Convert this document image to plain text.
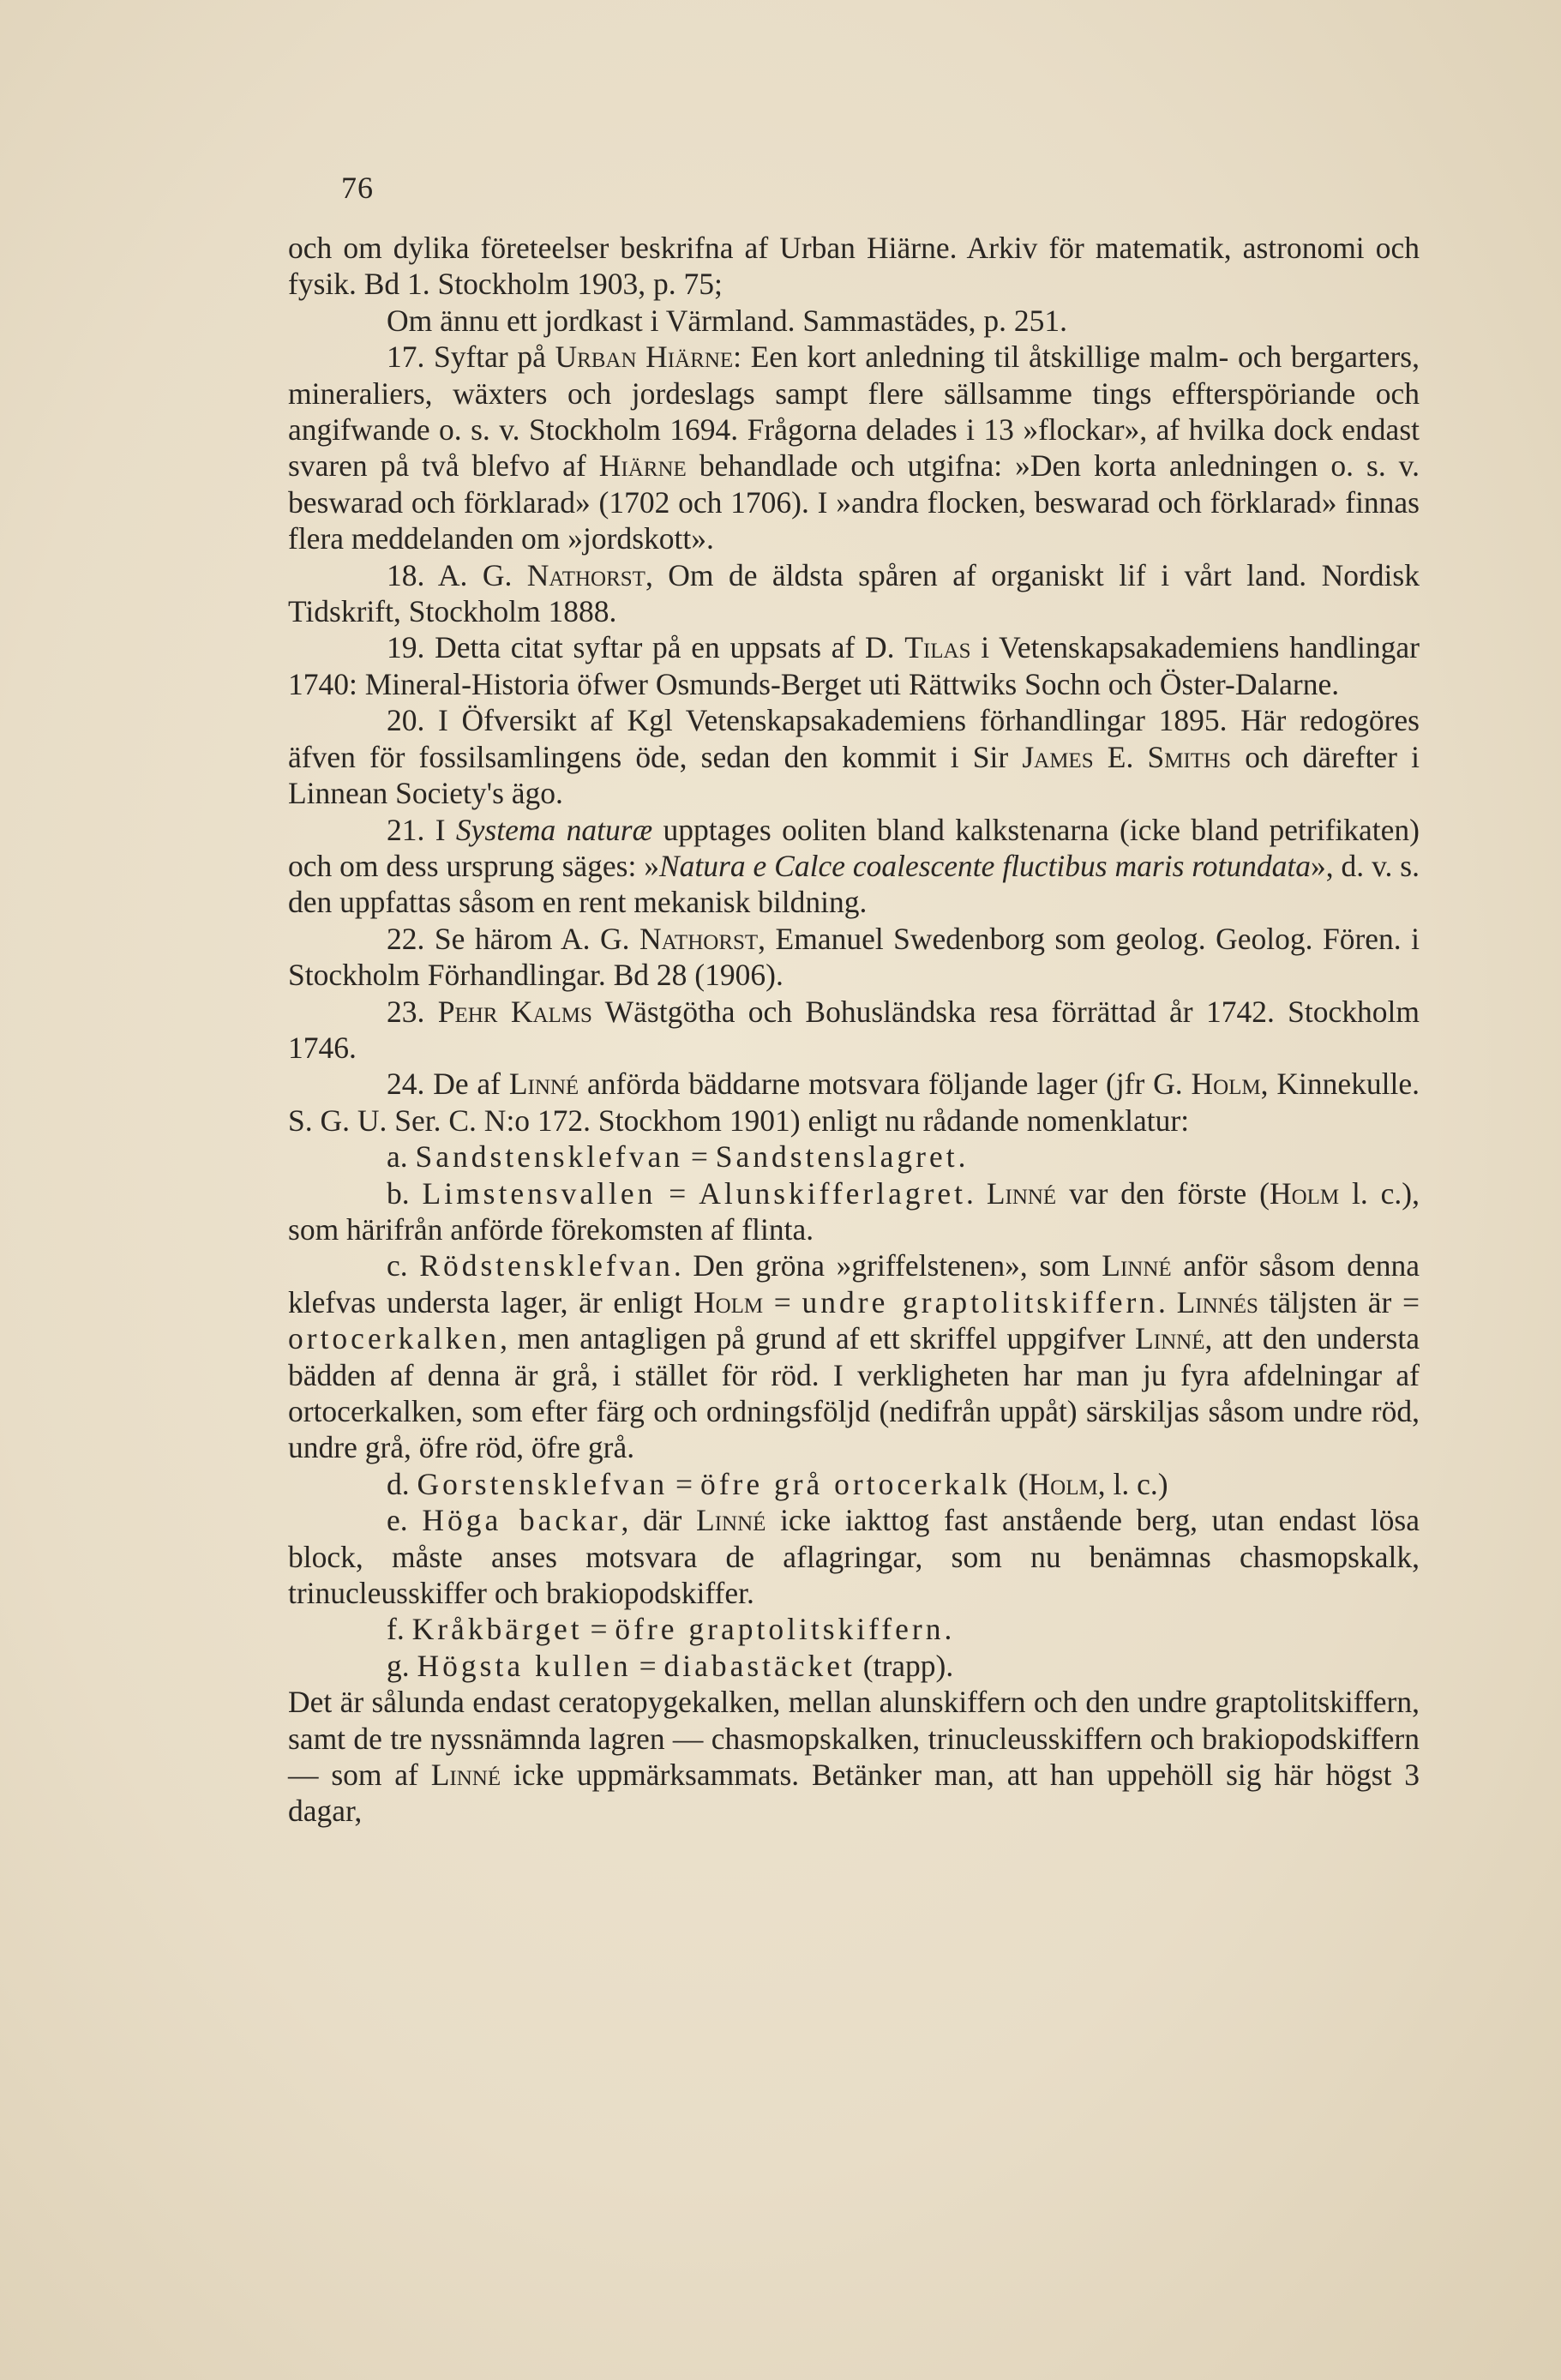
76

och om dylika företeelser beskrifna af Urban Hiärne. Arkiv för matematik, astronomi och fysik. Bd 1. Stockholm 1903, p. 75;

Om ännu ett jordkast i Värmland. Sammastädes, p. 251.

17. Syftar på Urban Hiärne: Een kort anledning til åtskillige malm- och bergarters, mineraliers, wäxters och jordeslags sampt flere sällsamme tings effterspöriande och angifwande o. s. v. Stockholm 1694. Frågorna delades i 13 »flockar», af hvilka dock endast svaren på två blefvo af Hiärne behandlade och utgifna: »Den korta anledningen o. s. v. beswarad och förklarad» (1702 och 1706). I »andra flocken, beswarad och förklarad» finnas flera meddelanden om »jordskott».

18. A. G. Nathorst, Om de äldsta spåren af organiskt lif i vårt land. Nordisk Tidskrift, Stockholm 1888.

19. Detta citat syftar på en uppsats af D. Tilas i Vetenskapsakademiens handlingar 1740: Mineral-Historia öfwer Osmunds-Berget uti Rättwiks Sochn och Öster-Dalarne.

20. I Öfversikt af Kgl Vetenskapsakademiens förhandlingar 1895. Här redogöres äfven för fossilsamlingens öde, sedan den kommit i Sir James E. Smiths och därefter i Linnean Society's ägo.

21. I Systema naturæ upptages ooliten bland kalkstenarna (icke bland petrifikaten) och om dess ursprung säges: »Natura e Calce coalescente fluctibus maris rotundata», d. v. s. den uppfattas såsom en rent mekanisk bildning.

22. Se härom A. G. Nathorst, Emanuel Swedenborg som geolog. Geolog. Fören. i Stockholm Förhandlingar. Bd 28 (1906).

23. Pehr Kalms Wästgötha och Bohusländska resa förrättad år 1742. Stockholm 1746.

24. De af Linné anförda bäddarne motsvara följande lager (jfr G. Holm, Kinnekulle. S. G. U. Ser. C. N:o 172. Stockhom 1901) enligt nu rådande nomenklatur:

a. Sandstensklefvan = Sandstenslagret.

b. Limstensvallen = Alunskifferlagret. Linné var den förste (Holm l. c.), som härifrån anförde förekomsten af flinta.

c. Rödstensklefvan. Den gröna »griffelstenen», som Linné anför såsom denna klefvas understa lager, är enligt Holm = undre graptolitskiffern. Linnés täljsten är = ortocerkalken, men antagligen på grund af ett skriffel uppgifver Linné, att den understa bädden af denna är grå, i stället för röd. I verkligheten har man ju fyra afdelningar af ortocerkalken, som efter färg och ordningsföljd (nedifrån uppåt) särskiljas såsom undre röd, undre grå, öfre röd, öfre grå.

d. Gorstensklefvan = öfre grå ortocerkalk (Holm, l. c.)

e. Höga backar, där Linné icke iakttog fast anstående berg, utan endast lösa block, måste anses motsvara de aflagringar, som nu benämnas chasmopskalk, trinucleusskiffer och brakiopodskiffer.

f. Kråkbärget = öfre graptolitskiffern.

g. Högsta kullen = diabastäcket (trapp).

Det är sålunda endast ceratopygekalken, mellan alunskiffern och den undre graptolitskiffern, samt de tre nyssnämnda lagren — chasmopskalken, trinucleusskiffern och brakiopodskiffern — som af Linné icke uppmärksammats. Betänker man, att han uppehöll sig här högst 3 dagar,
